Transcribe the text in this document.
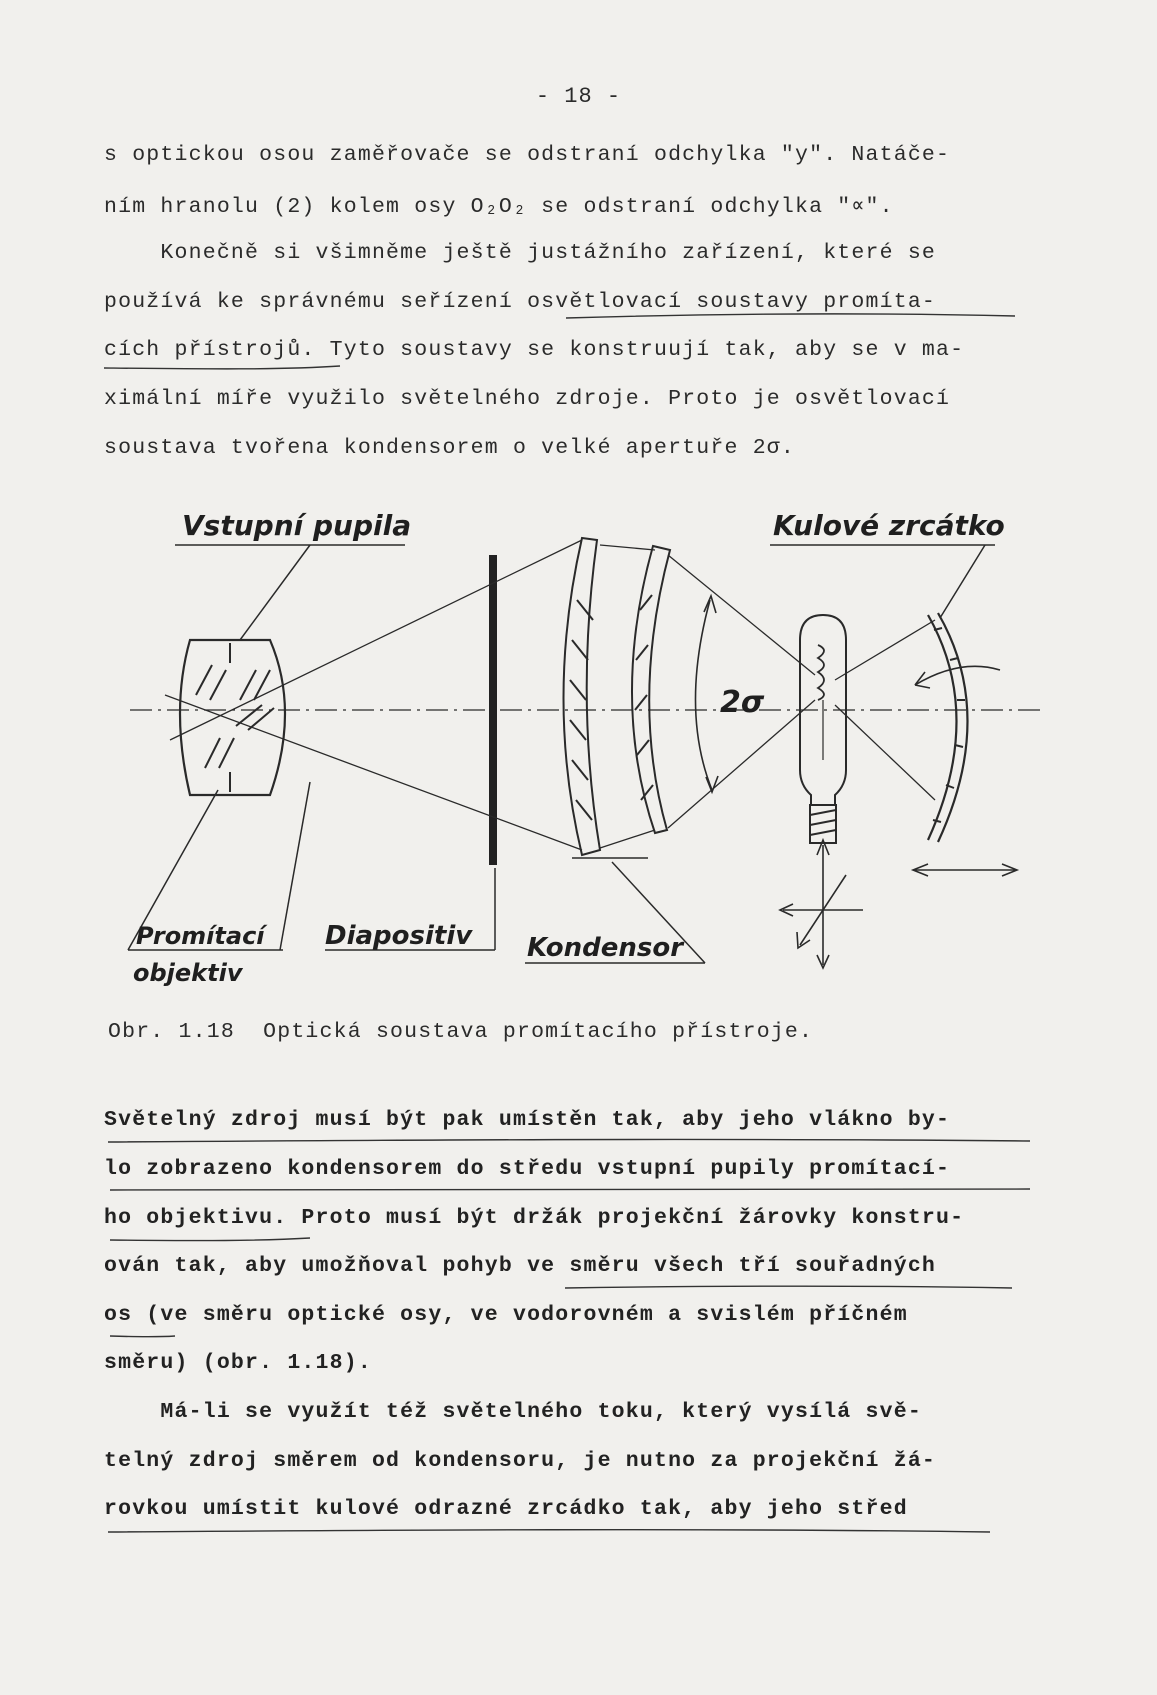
- 18 -
s optickou osou zaměřovače se odstraní odchylka "y". Natáče-
ním hranolu (2) kolem osy O₂O₂ se odstraní odchylka "∝".
Konečně si všimněme ještě justážního zařízení, které se
používá ke správnému seřízení osvětlovací soustavy promíta-
cích přístrojů. Tyto soustavy se konstruují tak, aby se v ma-
ximální míře využilo světelného zdroje. Proto je osvětlovací
soustava tvořena kondensorem o velké apertuře 2σ.
Vstupní pupila	Kulové zrcátko
Promítací
objektiv
Diapositiv Kondensor
2σ
Obr. 1.18  Optická soustava promítacího přístroje.
Světelný zdroj musí být pak umístěn tak, aby jeho vlákno by-
lo zobrazeno kondensorem do středu vstupní pupily promítací-
ho objektivu. Proto musí být držák projekční žárovky konstru-
ován tak, aby umožňoval pohyb ve směru všech tří souřadných
os (ve směru optické osy, ve vodorovném a svislém příčném
směru) (obr. 1.18).
Má-li se využít též světelného toku, který vysílá svě-
telný zdroj směrem od kondensoru, je nutno za projekční žá-
rovkou umístit kulové odrazné zrcádko tak, aby jeho střed
